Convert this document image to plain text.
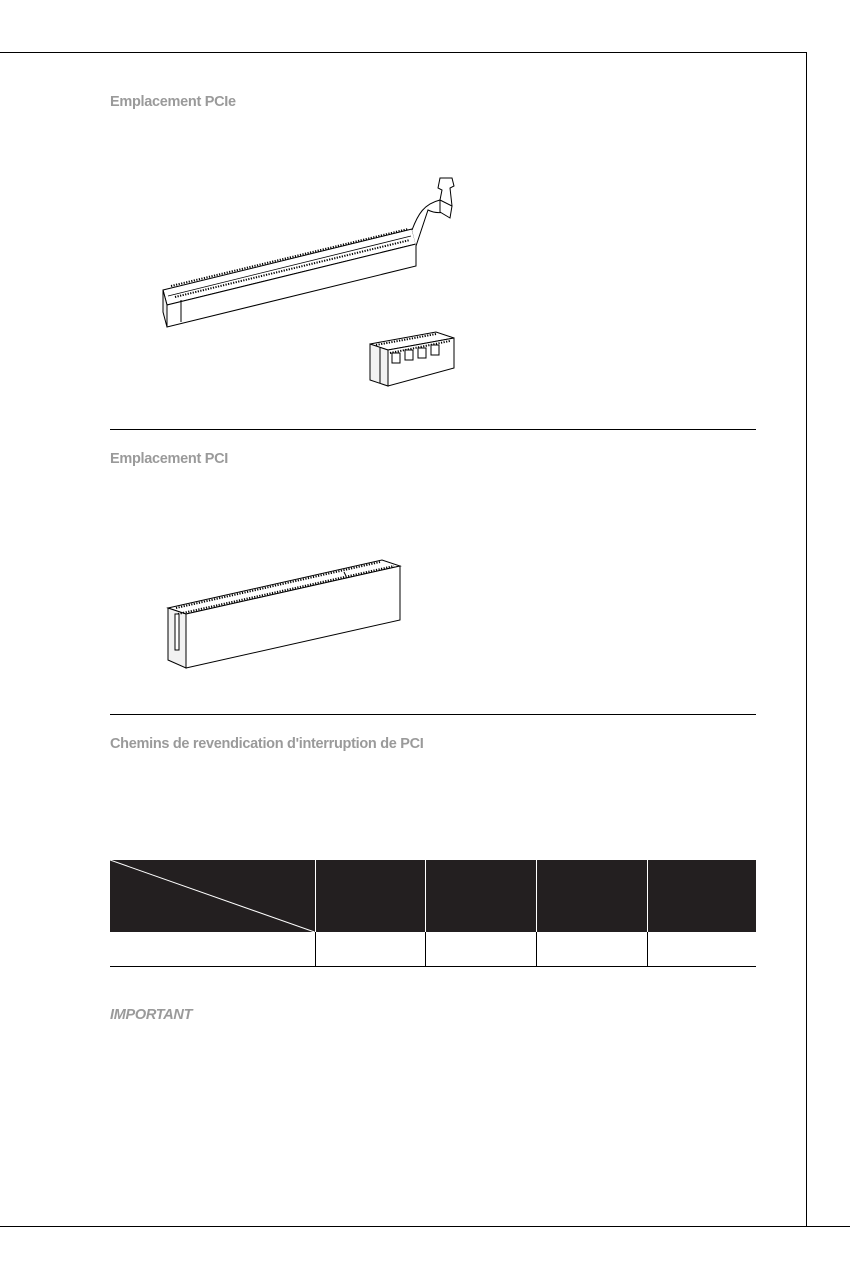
Emplacement PCIe
Emplacement PCI
Chemins de revendication d'interruption de PCI

IMPORTANT
